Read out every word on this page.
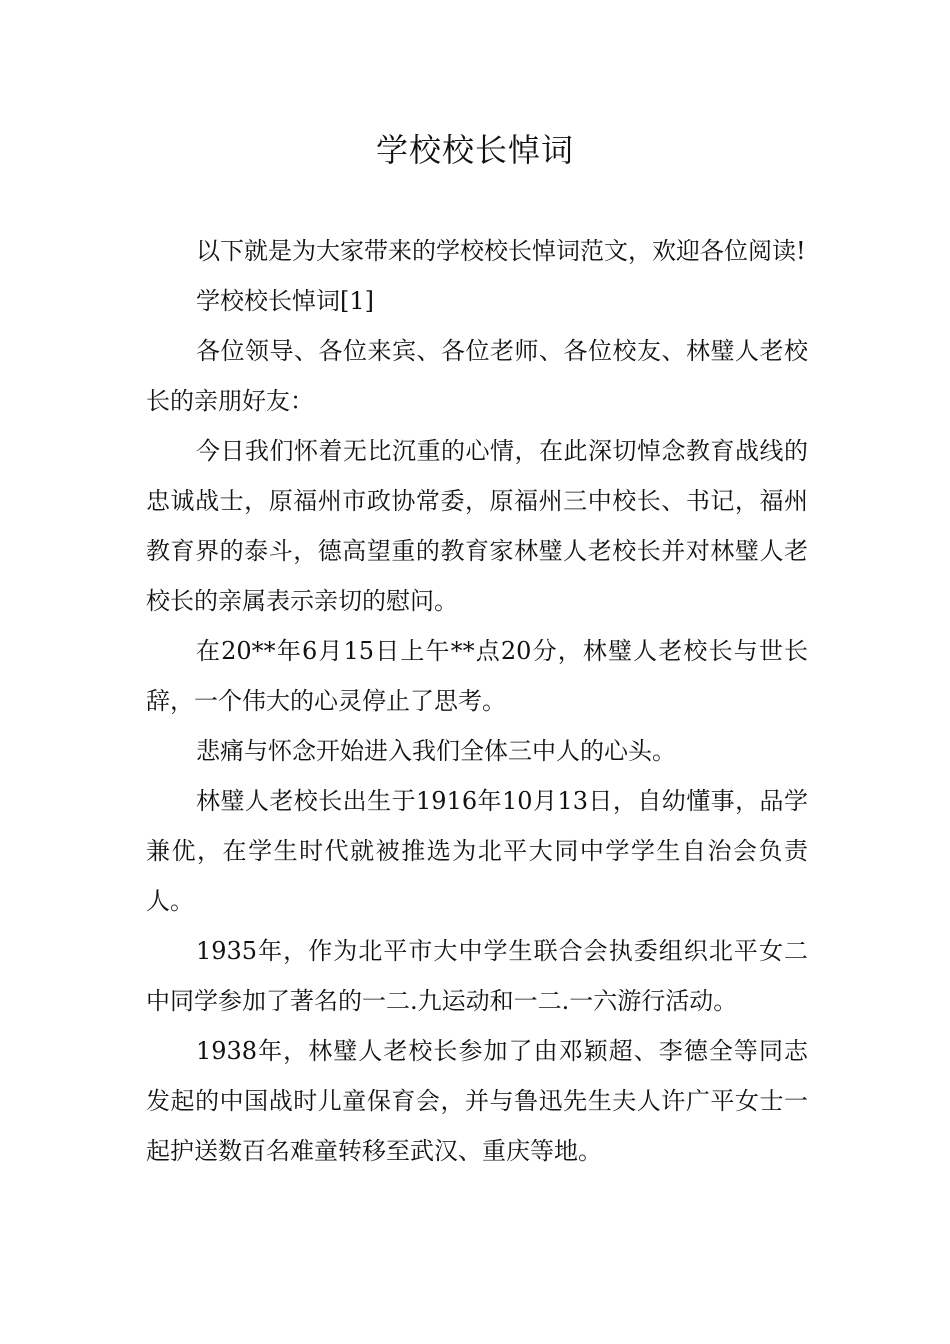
学校校长悼词

以下就是为大家带来的学校校长悼词范文，欢迎各位阅读!

学校校长悼词[1]

各位领导、各位来宾、各位老师、各位校友、林璧人老校长的亲朋好友：

今日我们怀着无比沉重的心情，在此深切悼念教育战线的忠诚战士，原福州市政协常委，原福州三中校长、书记，福州教育界的泰斗，德高望重的教育家林璧人老校长并对林璧人老校长的亲属表示亲切的慰问。

在20**年6月15日上午**点20分，林璧人老校长与世长辞，一个伟大的心灵停止了思考。

悲痛与怀念开始进入我们全体三中人的心头。

林璧人老校长出生于1916年10月13日，自幼懂事，品学兼优，在学生时代就被推选为北平大同中学学生自治会负责人。

1935年，作为北平市大中学生联合会执委组织北平女二中同学参加了著名的一二.九运动和一二.一六游行活动。

1938年，林璧人老校长参加了由邓颖超、李德全等同志发起的中国战时儿童保育会，并与鲁迅先生夫人许广平女士一起护送数百名难童转移至武汉、重庆等地。
